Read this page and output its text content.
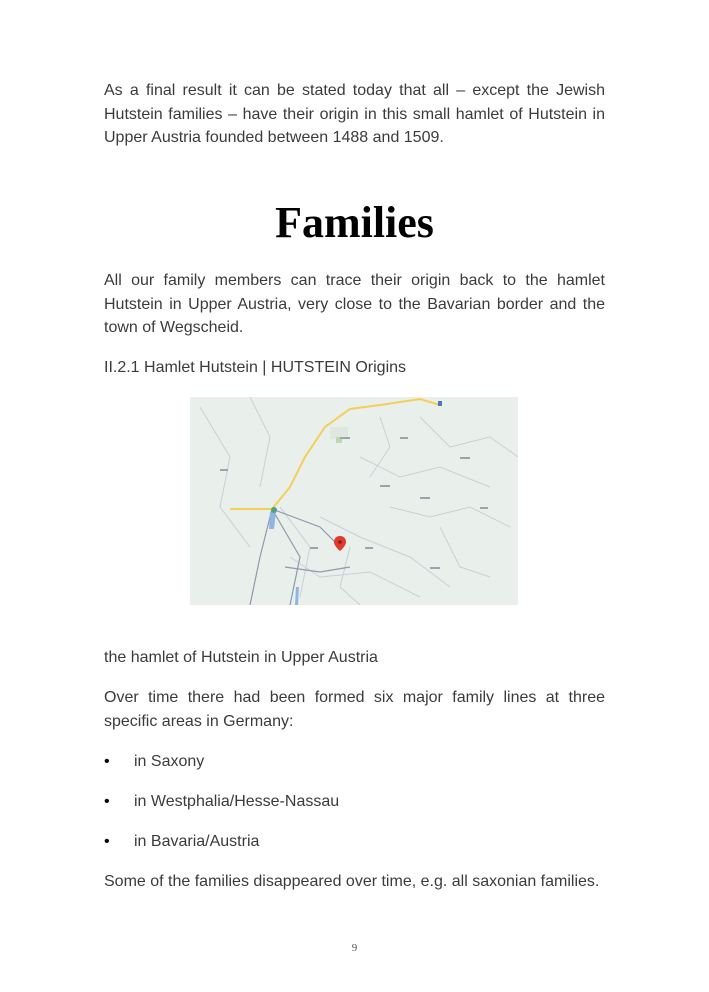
As a final result it can be stated today that all – except the Jewish Hutstein families – have their origin in this small hamlet of Hutstein in Upper Austria founded between 1488 and 1509.

Families

All our family members can trace their origin back to the hamlet Hutstein in Upper Austria, very close to the Bavarian border and the town of Wegscheid.

II.2.1 Hamlet Hutstein | HUTSTEIN Origins

the hamlet of Hutstein in Upper Austria

Over time there had been formed six major family lines at three specific areas in Germany:

• in Saxony
• in Westphalia/Hesse-Nassau
• in Bavaria/Austria

Some of the families disappeared over time, e.g. all saxonian families.

9
